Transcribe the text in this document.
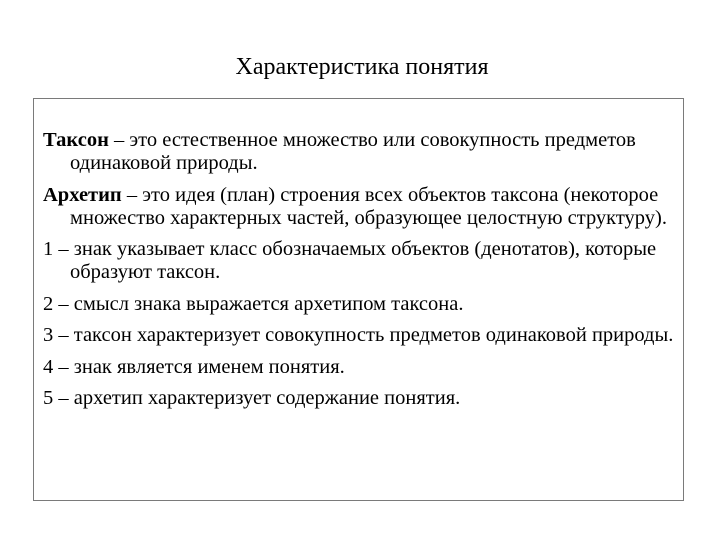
Характеристика понятия
Таксон – это естественное множество или совокупность предметов одинаковой природы.
Архетип – это идея (план) строения всех объектов таксона (некоторое множество характерных частей, образующее целостную структуру).
1 – знак указывает класс обозначаемых объектов (денотатов), которые образуют таксон.
2 – смысл знака выражается архетипом таксона.
3 – таксон характеризует совокупность предметов одинаковой природы.
4 – знак является именем понятия.
5 – архетип характеризует содержание понятия.
